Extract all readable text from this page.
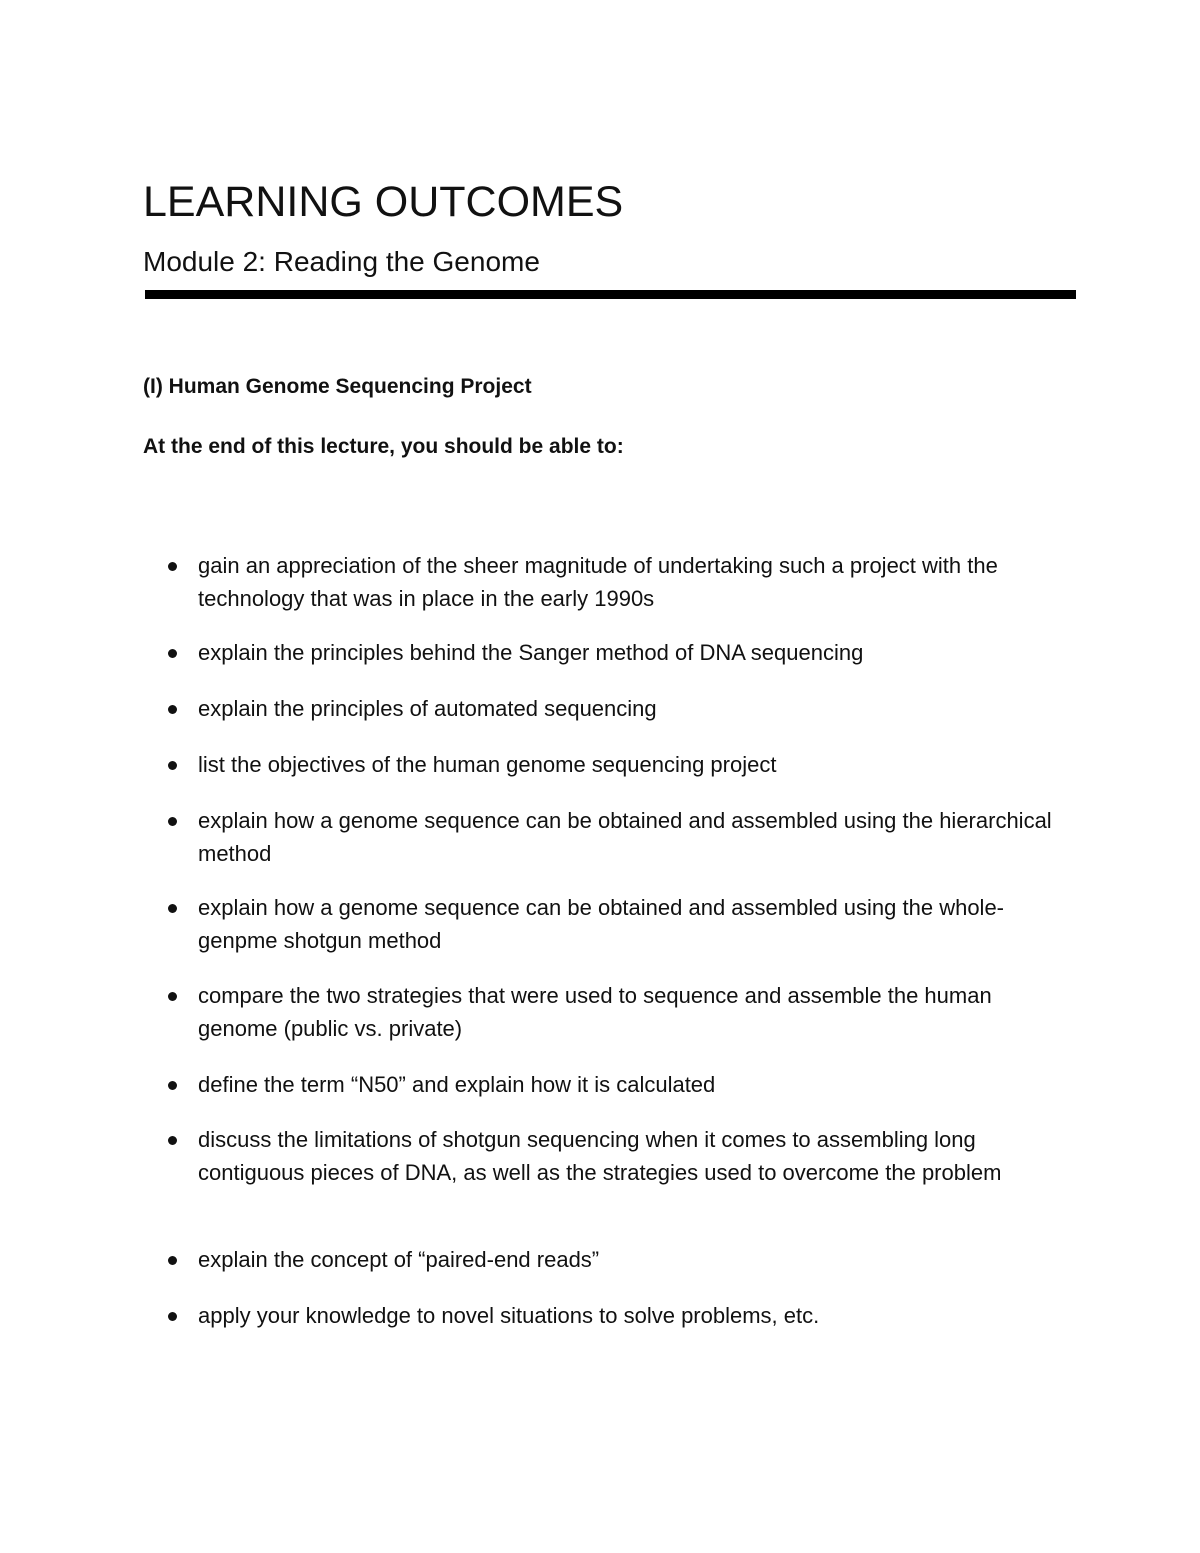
LEARNING OUTCOMES
Module 2: Reading the Genome
(I) Human Genome Sequencing Project
At the end of this lecture, you should be able to:
gain an appreciation of the sheer magnitude of undertaking such a project with the technology that was in place in the early 1990s
explain the principles behind the Sanger method of DNA sequencing
explain the principles of automated sequencing
list the objectives of the human genome sequencing project
explain how a genome sequence can be obtained and assembled using the hierarchical method
explain how a genome sequence can be obtained and assembled using the whole-genpme shotgun method
compare the two strategies that were used to sequence and assemble the human genome (public vs. private)
define the term “N50” and explain how it is calculated
discuss the limitations of shotgun sequencing when it comes to assembling long contiguous pieces of DNA, as well as the strategies used to overcome the problem
explain the concept of “paired-end reads”
apply your knowledge to novel situations to solve problems, etc.
